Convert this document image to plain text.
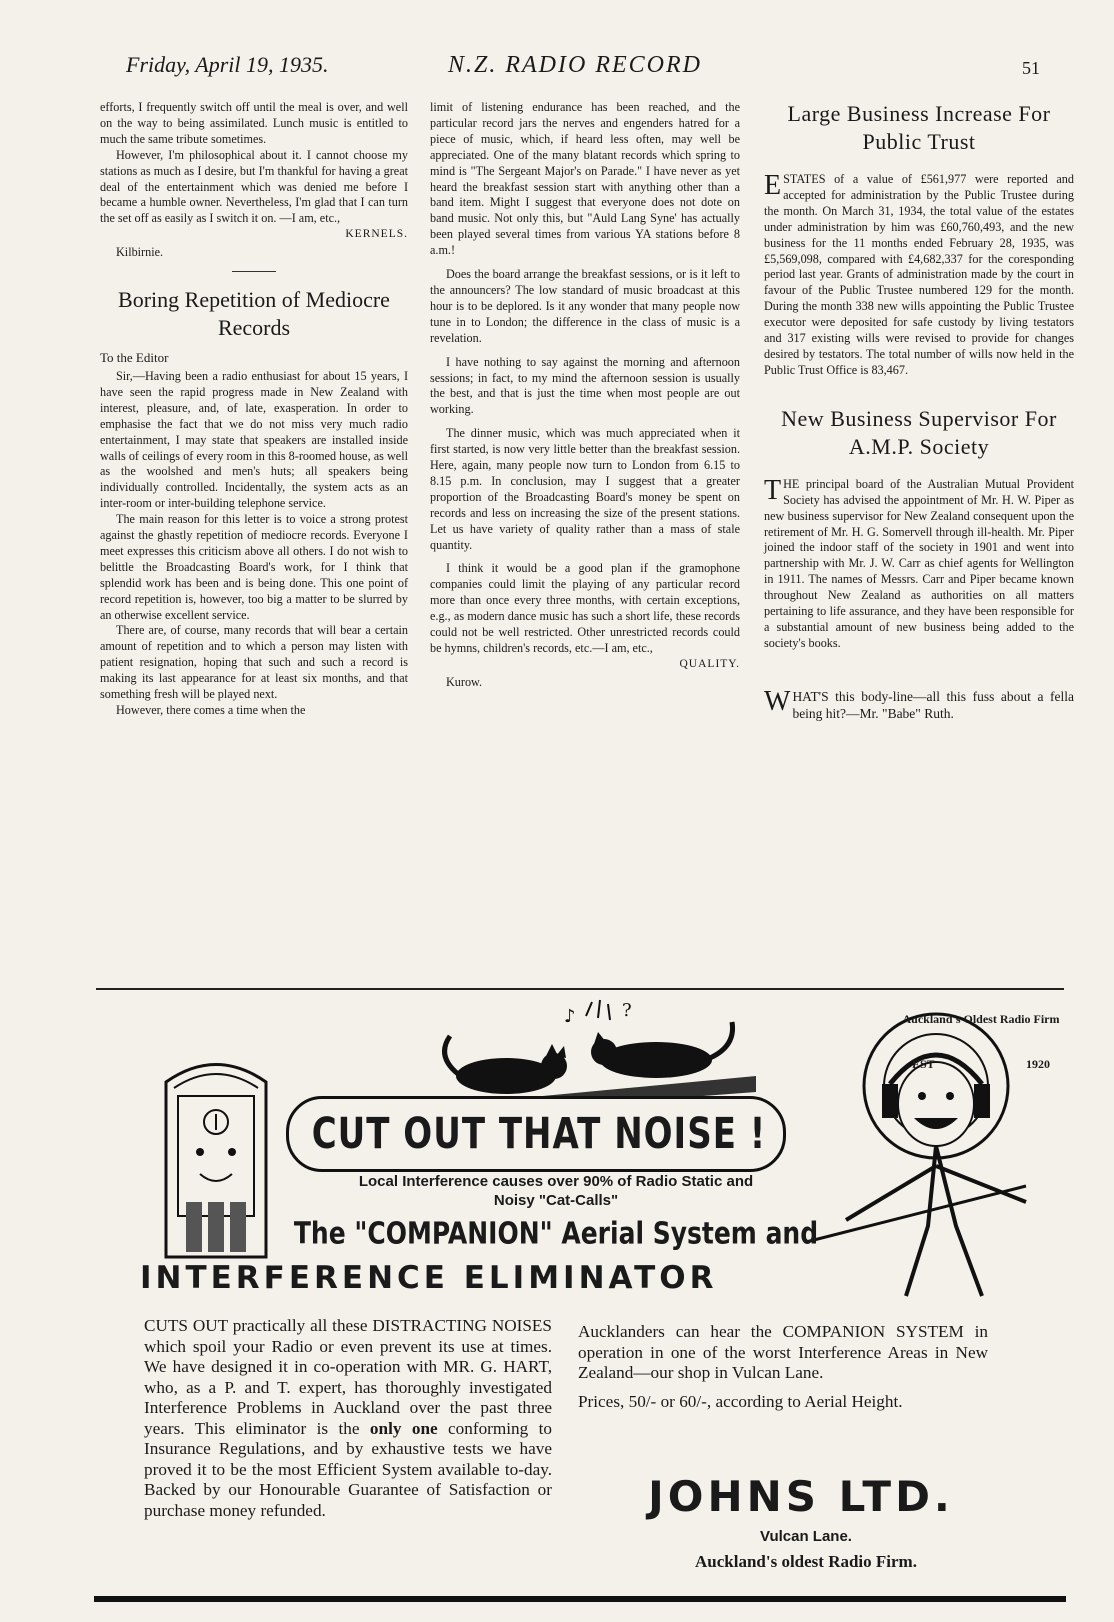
Friday, April 19, 1935.	N.Z. RADIO RECORD	51

efforts, I frequently switch off until the meal is over, and well on the way to being assimilated. Lunch music is entitled to much the same tribute sometimes.

However, I'm philosophical about it. I cannot choose my stations as much as I desire, but I'm thankful for having a great deal of the entertainment which was denied me before I became a humble owner. Nevertheless, I'm glad that I can turn the set off as easily as I switch it on. —I am, etc.,

KERNELS.
Kilbirnie.
Boring Repetition of Mediocre Records
To the Editor

Sir,—Having been a radio enthusiast for about 15 years, I have seen the rapid progress made in New Zealand with interest, pleasure, and, of late, exasperation. In order to emphasise the fact that we do not miss very much radio entertainment, I may state that speakers are installed inside walls of ceilings of every room in this 8-roomed house, as well as the woolshed and men's huts; all speakers being individually controlled. Incidentally, the system acts as an inter-room or inter-building telephone service.

The main reason for this letter is to voice a strong protest against the ghastly repetition of mediocre records. Everyone I meet expresses this criticism above all others. I do not wish to belittle the Broadcasting Board's work, for I think that splendid work has been and is being done. This one point of record repetition is, however, too big a matter to be slurred by an otherwise excellent service.

There are, of course, many records that will bear a certain amount of repetition and to which a person may listen with patient resignation, hoping that such and such a record is making its last appearance for at least six months, and that something fresh will be played next.

However, there comes a time when the

limit of listening endurance has been reached, and the particular record jars the nerves and engenders hatred for a piece of music, which, if heard less often, may well be appreciated. One of the many blatant records which spring to mind is "The Sergeant Major's on Parade." I have never as yet heard the breakfast session start with anything other than a band item. Might I suggest that everyone does not dote on band music. Not only this, but "Auld Lang Syne' has actually been played several times from various YA stations before 8 a.m.!

Does the board arrange the breakfast sessions, or is it left to the announcers? The low standard of music broadcast at this hour is to be deplored. Is it any wonder that many people now tune in to London; the difference in the class of music is a revelation.

I have nothing to say against the morning and afternoon sessions; in fact, to my mind the afternoon session is usually the best, and that is just the time when most people are out working.

The dinner music, which was much appreciated when it first started, is now very little better than the breakfast session. Here, again, many people now turn to London from 6.15 to 8.15 p.m. In conclusion, may I suggest that a greater proportion of the Broadcasting Board's money be spent on records and less on increasing the size of the present stations. Let us have variety of quality rather than a mass of stale quantity.

I think it would be a good plan if the gramophone companies could limit the playing of any particular record more than once every three months, with certain exceptions, e.g., as modern dance music has such a short life, these records could not be well restricted. Other unrestricted records could be hymns, children's records, etc.—I am, etc.,

QUALITY.
Kurow.
Large Business Increase For Public Trust

E STATES of a value of £561,977 were reported and accepted for administration by the Public Trustee during the month. On March 31, 1934, the total value of the estates under administration by him was £60,760,493, and the new business for the 11 months ended February 28, 1935, was £5,569,098, compared with £4,682,337 for the coresponding period last year. Grants of administration made by the court in favour of the Public Trustee numbered 129 for the month. During the month 338 new wills appointing the Public Trustee executor were deposited for safe custody by living testators and 317 existing wills were revised to provide for changes desired by testators. The total number of wills now held in the Public Trust Office is 83,467.

New Business Supervisor For A.M.P. Society

T HE principal board of the Australian Mutual Provident Society has advised the appointment of Mr. H. W. Piper as new business supervisor for New Zealand consequent upon the retirement of Mr. H. G. Somervell through ill-health. Mr. Piper joined the indoor staff of the society in 1901 and went into partnership with Mr. J. W. Carr as chief agents for Wellington in 1911. The names of Messrs. Carr and Piper became known throughout New Zealand as authorities on all matters pertaining to life assurance, and they have been responsible for a substantial amount of new business being added to the society's books.

W HAT'S this body-line—all this fuss about a fella being hit?—Mr. "Babe" Ruth.

♪	?	Auckland's Oldest Radio Firm
EST	1920
CUT OUT THAT NOISE !
Local Interference causes over 90% of Radio Static and
Noisy "Cat-Calls"
The "COMPANION" Aerial System and
INTERFERENCE ELIMINATOR
CUTS OUT practically all these DISTRACTING NOISES which spoil your Radio or even prevent its use at times. We have designed it in co-operation with MR. G. HART, who, as a P. and T. expert, has thoroughly investigated Interference Problems in Auckland over the past three years. This eliminator is the only one conforming to Insurance Regulations, and by exhaustive tests we have proved it to be the most Efficient System available to-day. Backed by our Honourable Guarantee of Satisfaction or purchase money refunded.

Aucklanders can hear the COMPANION SYSTEM in operation in one of the worst Interference Areas in New Zealand—our shop in Vulcan Lane.

Prices, 50/- or 60/-, according to Aerial Height.

JOHNS LTD.
Vulcan Lane.
Auckland's oldest Radio Firm.
